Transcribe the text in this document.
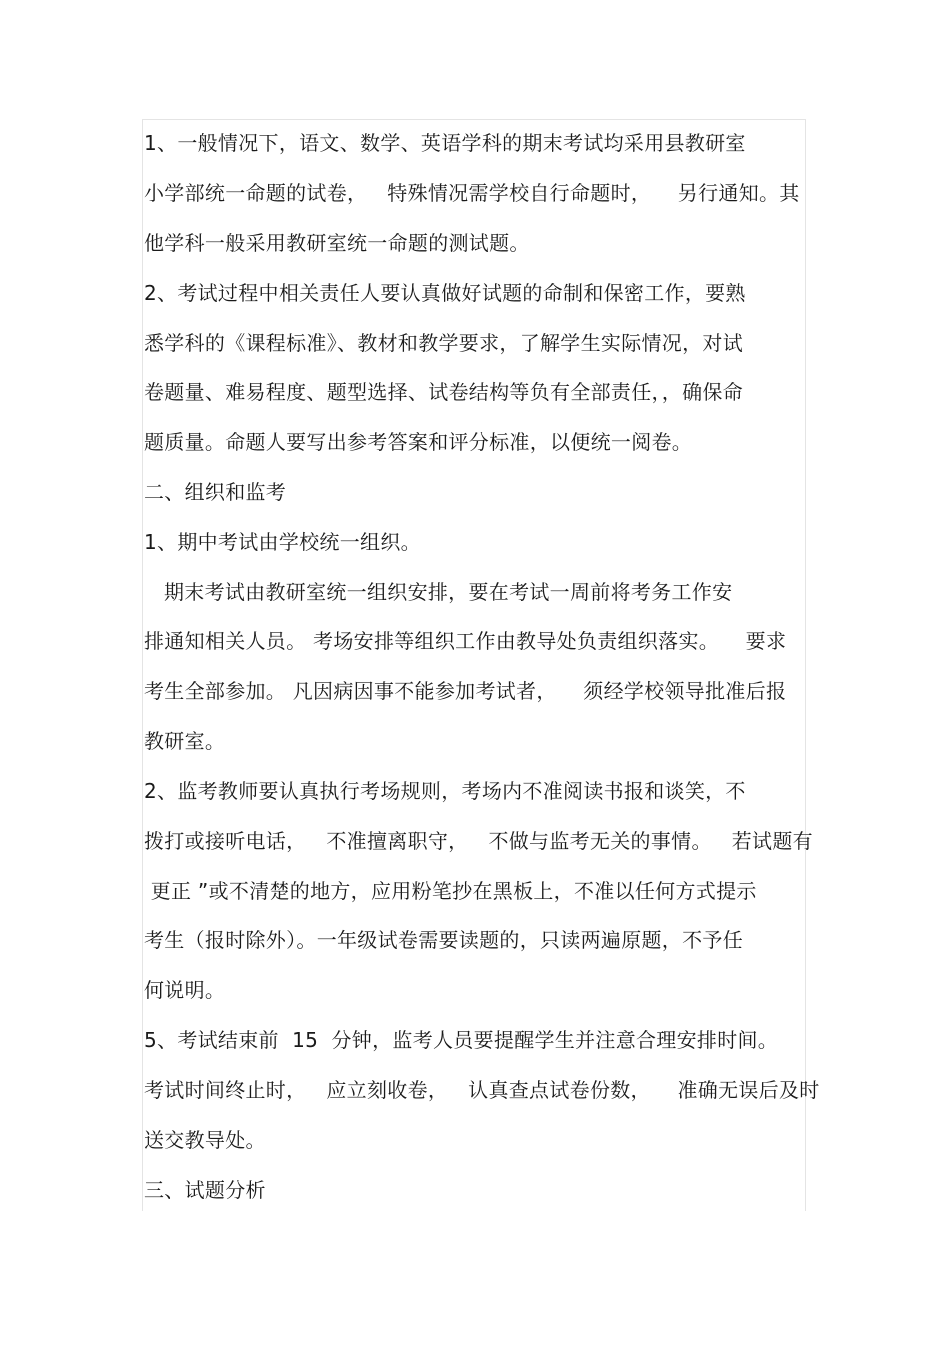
1、一般情况下，语文、数学、英语学科的期末考试均采用县教研室
小学部统一命题的试卷，   特殊情况需学校自行命题时，    另行通知。其
他学科一般采用教研室统一命题的测试题。
2、考试过程中相关责任人要认真做好试题的命制和保密工作，要熟
悉学科的《课程标准》、教材和教学要求，了解学生实际情况，对试
卷题量、难易程度、题型选择、试卷结构等负有全部责任，，确保命
题质量。命题人要写出参考答案和评分标准，以便统一阅卷。
二、组织和监考
1、期中考试由学校统一组织。
期末考试由教研室统一组织安排，要在考试一周前将考务工作安
排通知相关人员。 考场安排等组织工作由教导处负责组织落实。    要求
考生全部参加。 凡因病因事不能参加考试者，    须经学校领导批准后报
教研室。
2、监考教师要认真执行考场规则，考场内不准阅读书报和谈笑，不
拨打或接听电话，   不准擅离职守，   不做与监考无关的事情。   若试题有
更正 ”或不清楚的地方，应用粉笔抄在黑板上，不准以任何方式提示
考生（报时除外）。一年级试卷需要读题的，只读两遍原题，不予任
何说明。
5、考试结束前  15  分钟，监考人员要提醒学生并注意合理安排时间。
考试时间终止时，   应立刻收卷，   认真查点试卷份数，    准确无误后及时
送交教导处。
三、试题分析
